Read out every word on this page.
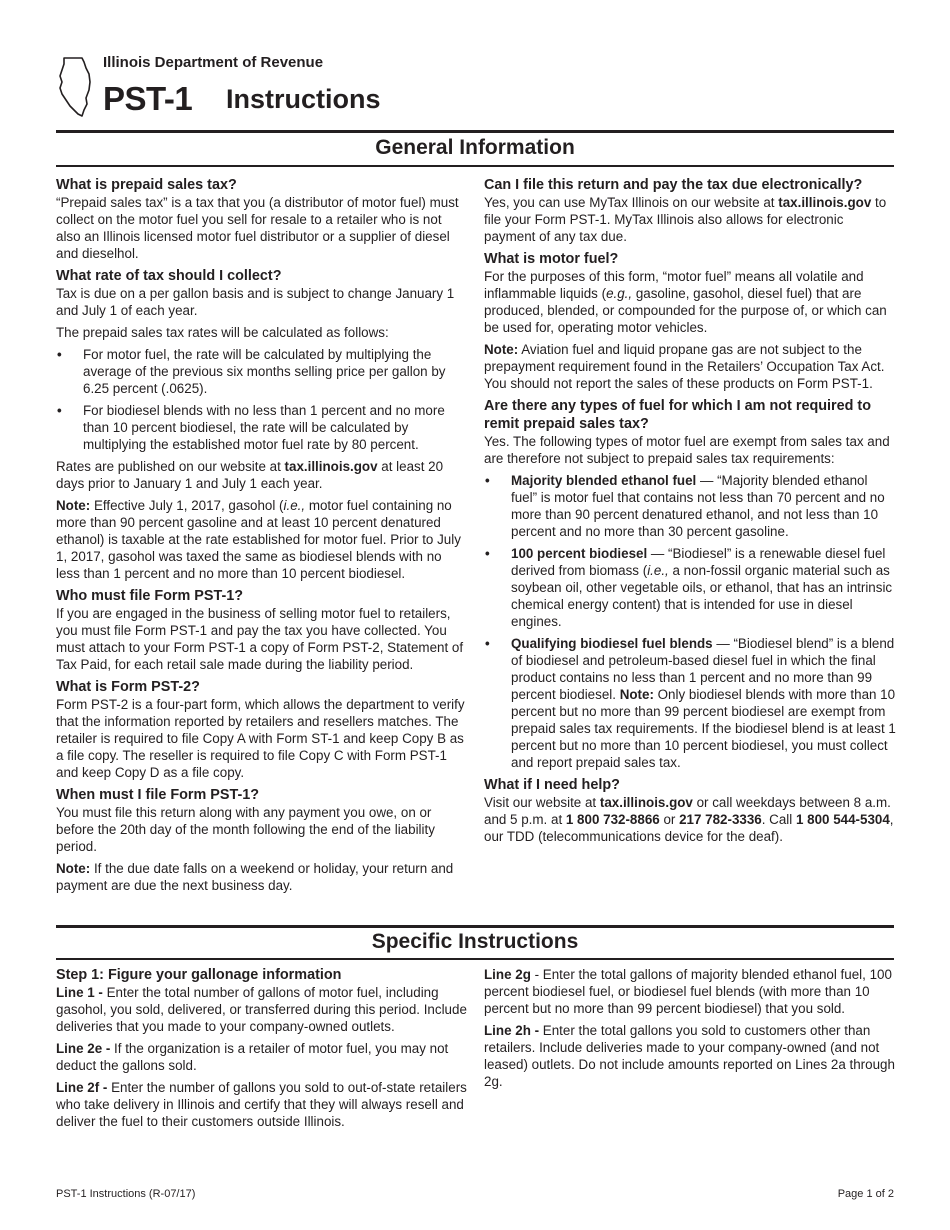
Illinois Department of Revenue
PST-1 Instructions
General Information
What is prepaid sales tax?

“Prepaid sales tax” is a tax that you (a distributor of motor fuel) must collect on the motor fuel you sell for resale to a retailer who is not also an Illinois licensed motor fuel distributor or a supplier of diesel and dieselhol.

What rate of tax should I collect?

Tax is due on a per gallon basis and is subject to change January 1 and July 1 of each year.

The prepaid sales tax rates will be calculated as follows:

• For motor fuel, the rate will be calculated by multiplying the average of the previous six months selling price per gallon by 6.25 percent (.0625).
• For biodiesel blends with no less than 1 percent and no more than 10 percent biodiesel, the rate will be calculated by multiplying the established motor fuel rate by 80 percent.

Rates are published on our website at tax.illinois.gov at least 20 days prior to January 1 and July 1 each year.

Note: Effective July 1, 2017, gasohol (i.e., motor fuel containing no more than 90 percent gasoline and at least 10 percent denatured ethanol) is taxable at the rate established for motor fuel. Prior to July 1, 2017, gasohol was taxed the same as biodiesel blends with no less than 1 percent and no more than 10 percent biodiesel.

Who must file Form PST-1?

If you are engaged in the business of selling motor fuel to retailers, you must file Form PST-1 and pay the tax you have collected. You must attach to your Form PST-1 a copy of Form PST-2, Statement of Tax Paid, for each retail sale made during the liability period.

What is Form PST-2?

Form PST-2 is a four-part form, which allows the department to verify that the information reported by retailers and resellers matches. The retailer is required to file Copy A with Form ST-1 and keep Copy B as a file copy. The reseller is required to file Copy C with Form PST-1 and keep Copy D as a file copy.

When must I file Form PST-1?

You must file this return along with any payment you owe, on or before the 20th day of the month following the end of the liability period.

Note: If the due date falls on a weekend or holiday, your return and payment are due the next business day.

Can I file this return and pay the tax due electronically?

Yes, you can use MyTax Illinois on our website at tax.illinois.gov to file your Form PST-1. MyTax Illinois also allows for electronic payment of any tax due.

What is motor fuel?

For the purposes of this form, “motor fuel” means all volatile and inflammable liquids (e.g., gasoline, gasohol, diesel fuel) that are produced, blended, or compounded for the purpose of, or which can be used for, operating motor vehicles.

Note: Aviation fuel and liquid propane gas are not subject to the prepayment requirement found in the Retailers’ Occupation Tax Act. You should not report the sales of these products on Form PST-1.

Are there any types of fuel for which I am not required to remit prepaid sales tax?

Yes. The following types of motor fuel are exempt from sales tax and are therefore not subject to prepaid sales tax requirements:

• Majority blended ethanol fuel — “Majority blended ethanol fuel” is motor fuel that contains not less than 70 percent and no more than 90 percent denatured ethanol, and not less than 10 percent and no more than 30 percent gasoline.
• 100 percent biodiesel — “Biodiesel” is a renewable diesel fuel derived from biomass (i.e., a non-fossil organic material such as soybean oil, other vegetable oils, or ethanol, that has an intrinsic chemical energy content) that is intended for use in diesel engines.
• Qualifying biodiesel fuel blends — “Biodiesel blend” is a blend of biodiesel and petroleum-based diesel fuel in which the final product contains no less than 1 percent and no more than 99 percent biodiesel. Note: Only biodiesel blends with more than 10 percent but no more than 99 percent biodiesel are exempt from prepaid sales tax requirements. If the biodiesel blend is at least 1 percent but no more than 10 percent biodiesel, you must collect and report prepaid sales tax.
What if I need help?

Visit our website at tax.illinois.gov or call weekdays between 8 a.m. and 5 p.m. at 1 800 732-8866 or 217 782-3336. Call 1 800 544-5304, our TDD (telecommunications device for the deaf).

Specific Instructions
Step 1: Figure your gallonage information

Line 1 - Enter the total number of gallons of motor fuel, including gasohol, you sold, delivered, or transferred during this period. Include deliveries that you made to your company-owned outlets.

Line 2e - If the organization is a retailer of motor fuel, you may not deduct the gallons sold.

Line 2f - Enter the number of gallons you sold to out-of-state retailers who take delivery in Illinois and certify that they will always resell and deliver the fuel to their customers outside Illinois.

Line 2g - Enter the total gallons of majority blended ethanol fuel, 100 percent biodiesel fuel, or biodiesel fuel blends (with more than 10 percent but no more than 99 percent biodiesel) that you sold.

Line 2h - Enter the total gallons you sold to customers other than retailers. Include deliveries made to your company-owned (and not leased) outlets. Do not include amounts reported on Lines 2a through 2g.

PST-1 Instructions (R-07/17)	Page 1 of 2
